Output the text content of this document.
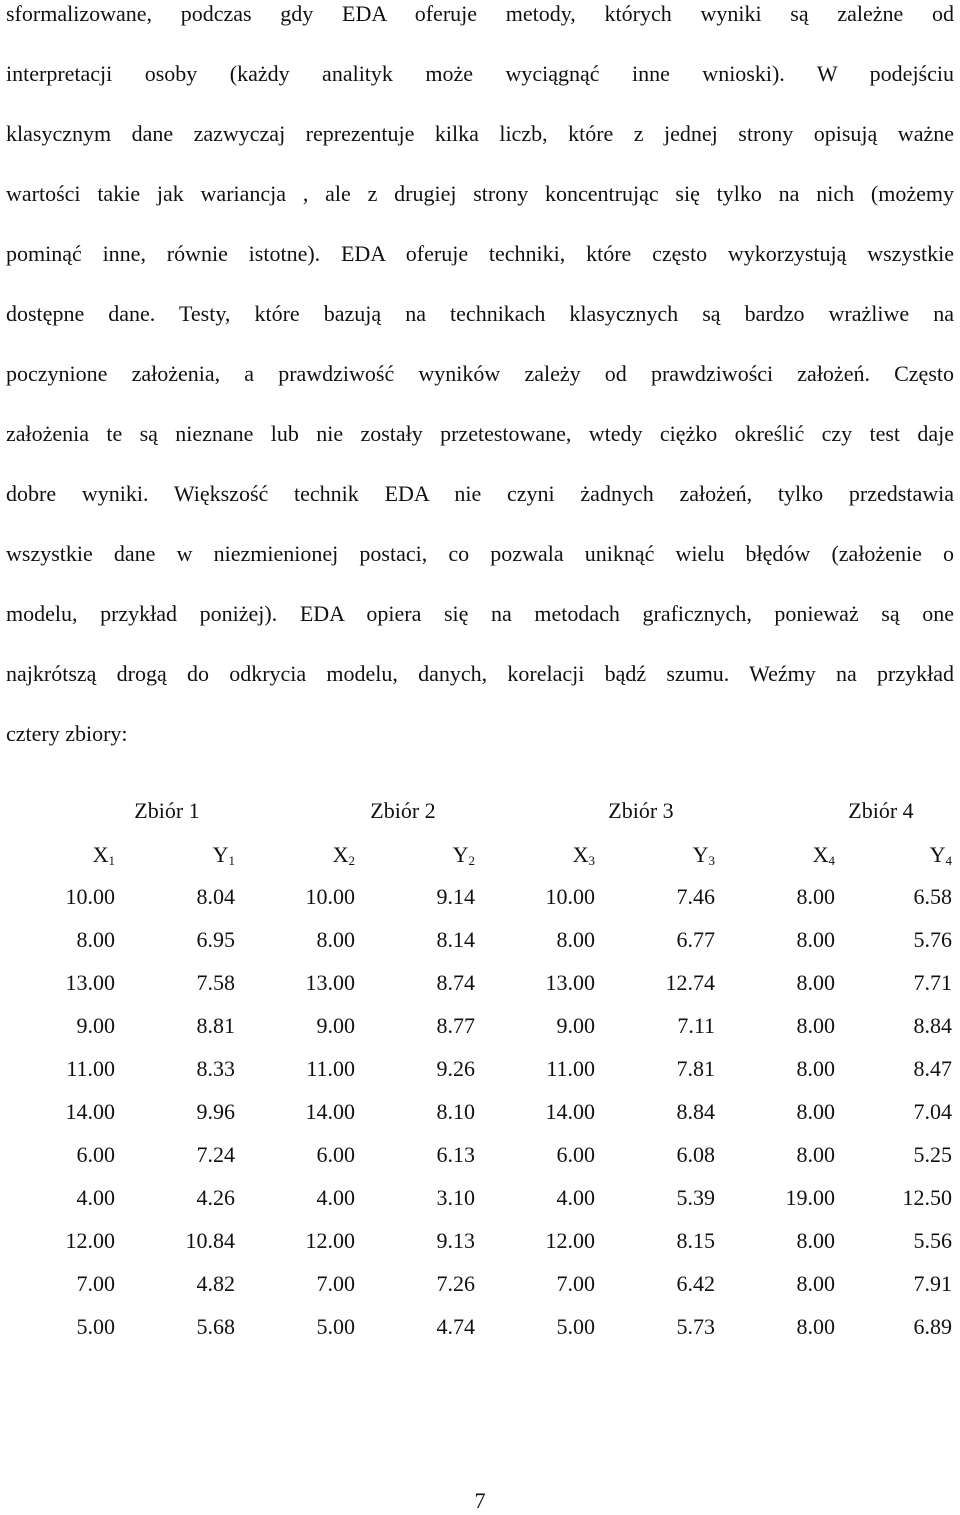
sformalizowane, podczas gdy EDA oferuje metody, których wyniki są zależne od
interpretacji osoby (każdy analityk może wyciągnąć inne wnioski). W podejściu
klasycznym dane zazwyczaj reprezentuje kilka liczb, które z jednej strony opisują ważne
wartości takie jak wariancja , ale z drugiej strony koncentrując się tylko na nich (możemy
pominąć inne, równie istotne). EDA oferuje techniki, które często wykorzystują wszystkie
dostępne dane. Testy, które bazują na technikach klasycznych są bardzo wrażliwe na
poczynione założenia, a prawdziwość wyników zależy od prawdziwości założeń. Często
założenia te są nieznane lub nie zostały przetestowane, wtedy ciężko określić czy test daje
dobre wyniki. Większość technik EDA nie czyni żadnych założeń, tylko przedstawia
wszystkie dane w niezmienionej postaci, co pozwala uniknąć wielu błędów (założenie o
modelu, przykład poniżej). EDA opiera się na metodach graficznych, ponieważ są one
najkrótszą drogą do odkrycia modelu, danych, korelacji bądź szumu. Weźmy na przykład
cztery zbiory:
Zbiór 1	Zbiór 2	Zbiór 3	Zbiór 4
$X_1$	$Y_1$	$X_2$	$Y_2$	$X_3$	$Y_3$	$X_4$	$Y_4$
10.00	8.04	10.00	9.14	10.00	7.46	8.00	6.58
8.00	6.95	8.00	8.14	8.00	6.77	8.00	5.76
13.00	7.58	13.00	8.74	13.00	12.74	8.00	7.71
9.00	8.81	9.00	8.77	9.00	7.11	8.00	8.84
11.00	8.33	11.00	9.26	11.00	7.81	8.00	8.47
14.00	9.96	14.00	8.10	14.00	8.84	8.00	7.04
6.00	7.24	6.00	6.13	6.00	6.08	8.00	5.25
4.00	4.26	4.00	3.10	4.00	5.39	19.00	12.50
12.00	10.84	12.00	9.13	12.00	8.15	8.00	5.56
7.00	4.82	7.00	7.26	7.00	6.42	8.00	7.91
5.00	5.68	5.00	4.74	5.00	5.73	8.00	6.89
7
